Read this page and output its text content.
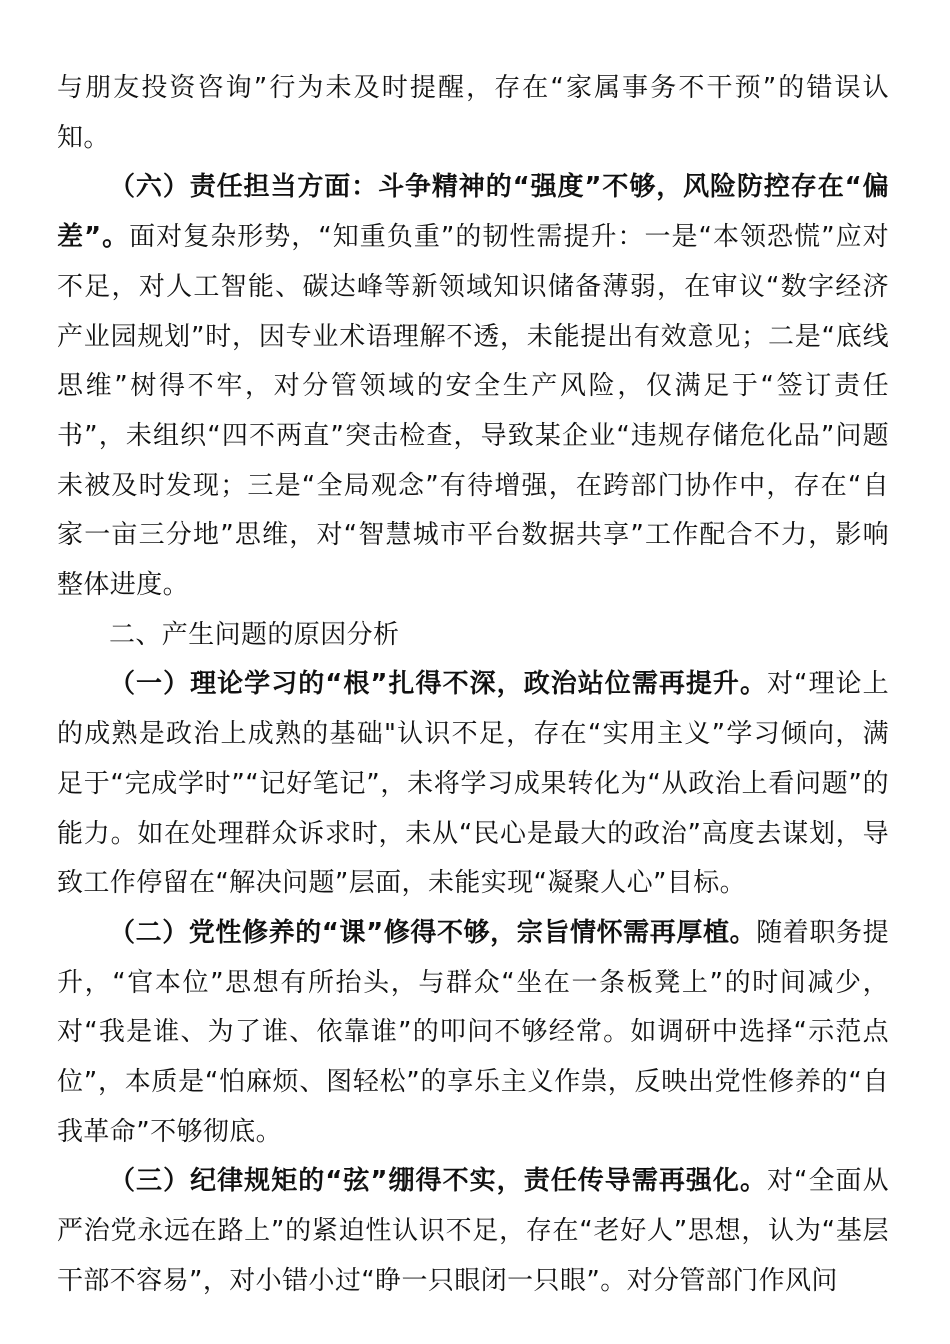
与朋友投资咨询”行为未及时提醒，存在“家属事务不干预”的错误认知。

（六）责任担当方面：斗争精神的“强度”不够，风险防控存在“偏差”。面对复杂形势，“知重负重”的韧性需提升：一是“本领恐慌”应对不足，对人工智能、碳达峰等新领域知识储备薄弱，在审议“数字经济产业园规划”时，因专业术语理解不透，未能提出有效意见；二是“底线思维”树得不牢，对分管领域的安全生产风险，仅满足于“签订责任书”，未组织“四不两直”突击检查，导致某企业“违规存储危化品”问题未被及时发现；三是“全局观念”有待增强，在跨部门协作中，存在“自家一亩三分地”思维，对“智慧城市平台数据共享”工作配合不力，影响整体进度。

二、产生问题的原因分析

（一）理论学习的“根”扎得不深，政治站位需再提升。对“理论上的成熟是政治上成熟的基础"认识不足，存在“实用主义”学习倾向，满足于“完成学时”“记好笔记”，未将学习成果转化为“从政治上看问题”的能力。如在处理群众诉求时，未从“民心是最大的政治”高度去谋划，导致工作停留在“解决问题”层面，未能实现“凝聚人心”目标。

（二）党性修养的“课”修得不够，宗旨情怀需再厚植。随着职务提升，“官本位”思想有所抬头，与群众“坐在一条板凳上”的时间减少，对“我是谁、为了谁、依靠谁”的叩问不够经常。如调研中选择“示范点位”，本质是“怕麻烦、图轻松”的享乐主义作祟，反映出党性修养的“自我革命”不够彻底。

（三）纪律规矩的“弦”绷得不实，责任传导需再强化。对“全面从严治党永远在路上”的紧迫性认识不足，存在“老好人”思想，认为“基层干部不容易”，对小错小过“睁一只眼闭一只眼”。对分管部门作风问
